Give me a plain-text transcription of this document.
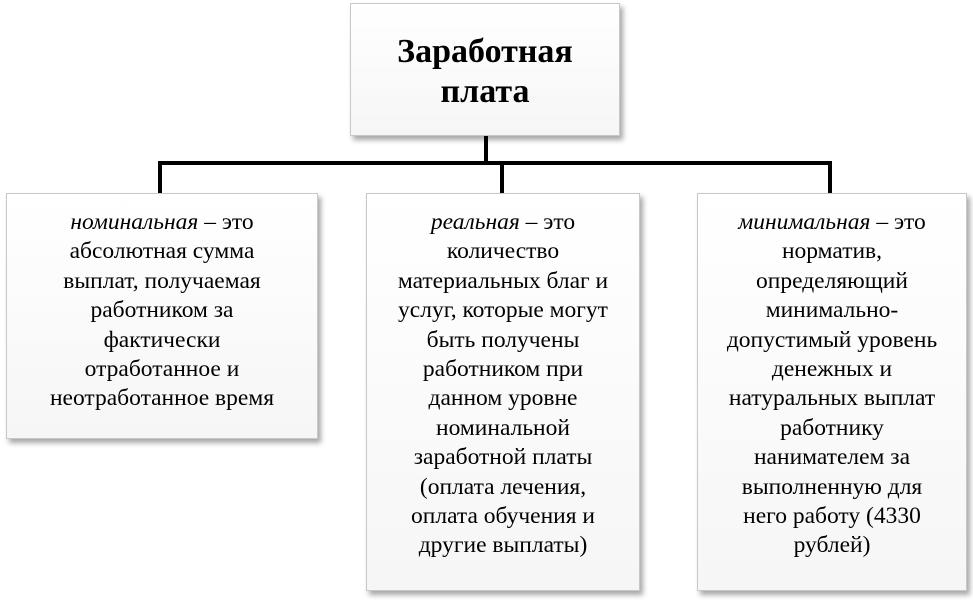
Заработная плата
номинальная – это
абсолютная сумма
выплат, получаемая
работником за
фактически
отработанное и
неотработанное время
реальная – это
количество
материальных благ и
услуг, которые могут
быть получены
работником при
данном уровне
номинальной
заработной платы
(оплата лечения,
оплата обучения и
другие выплаты)
минимальная – это
норматив,
определяющий
минимально-
допустимый уровень
денежных и
натуральных выплат
работнику
нанимателем за
выполненную для
него работу (4330
рублей)
